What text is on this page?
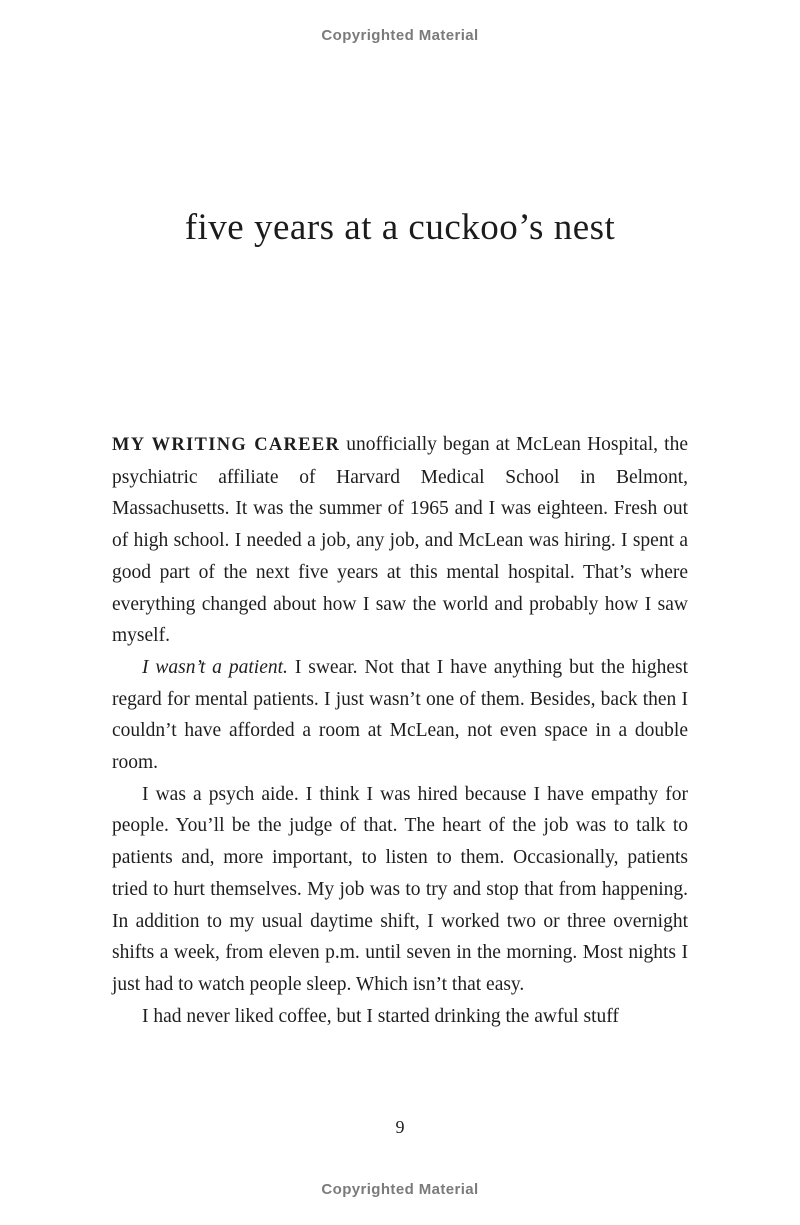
Copyrighted Material
five years at a cuckoo’s nest

MY WRITING CAREER unofficially began at McLean Hospital, the psychiatric affiliate of Harvard Medical School in Belmont, Massachusetts. It was the summer of 1965 and I was eighteen. Fresh out of high school. I needed a job, any job, and McLean was hiring. I spent a good part of the next five years at this mental hospital. That’s where everything changed about how I saw the world and probably how I saw myself.

I wasn’t a patient. I swear. Not that I have anything but the highest regard for mental patients. I just wasn’t one of them. Besides, back then I couldn’t have afforded a room at McLean, not even space in a double room.

I was a psych aide. I think I was hired because I have empathy for people. You’ll be the judge of that. The heart of the job was to talk to patients and, more important, to listen to them. Occasionally, patients tried to hurt themselves. My job was to try and stop that from happening. In addition to my usual daytime shift, I worked two or three overnight shifts a week, from eleven p.m. until seven in the morning. Most nights I just had to watch people sleep. Which isn’t that easy.

I had never liked coffee, but I started drinking the awful stuff

9
Copyrighted Material
